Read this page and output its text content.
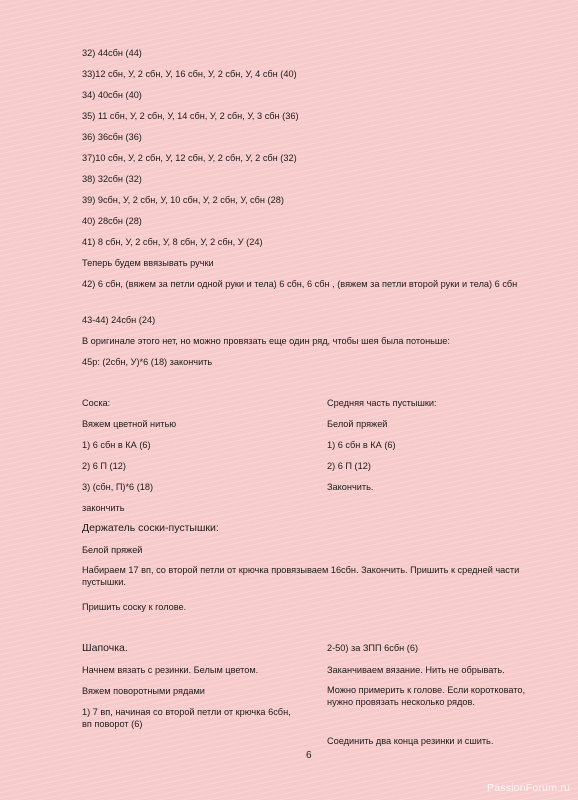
32) 44сбн (44)
33)12 сбн, У, 2 сбн, У, 16 сбн, У, 2 сбн, У, 4 сбн (40)
34) 40сбн (40)
35) 11 сбн, У, 2 сбн, У, 14 сбн, У, 2 сбн, У, 3 сбн (36)
36) 36сбн (36)
37)10 сбн, У, 2 сбн, У, 12 сбн, У, 2 сбн, У, 2 сбн (32)
38) 32сбн (32)
39) 9сбн, У, 2 сбн, У, 10 сбн, У, 2 сбн, У, сбн (28)
40) 28сбн (28)
41) 8 сбн, У, 2 сбн, У, 8 сбн, У, 2 сбн, У (24)
Теперь будем ввязывать ручки
42) 6 сбн, (вяжем за петли одной руки и тела) 6 сбн, 6 сбн , (вяжем за петли второй руки и тела) 6 сбн
43-44) 24сбн (24)
В оригинале этого нет, но можно провязать еще один ряд, чтобы шея была потоньше:
45р: (2сбн, У)*6 (18) закончить
Соска:
Вяжем цветной нитью
1) 6 сбн в КА (6)
2) 6 П (12)
3) (сбн, П)*6 (18)
закончить
Средняя часть пустышки:
Белой пряжей
1) 6 сбн в КА (6)
2) 6 П (12)
Закончить.
Держатель соски-пустышки:
Белой пряжей
Набираем 17 вп, со второй петли от крючка провязываем 16сбн. Закончить. Пришить к средней части пустышки.
Пришить соску к голове.
Шапочка.
Начнем вязать с резинки. Белым цветом.
Вяжем поворотными рядами
1) 7 вп, начиная со второй петли от крючка 6сбн, вп поворот (6)
2-50) за ЗПП 6сбн (6)
Заканчиваем вязание. Нить не обрывать.
Можно примерить к голове. Если коротковато, нужно провязать несколько рядов.
Соединить два конца резинки и сшить.
6
PassionForum.ru
